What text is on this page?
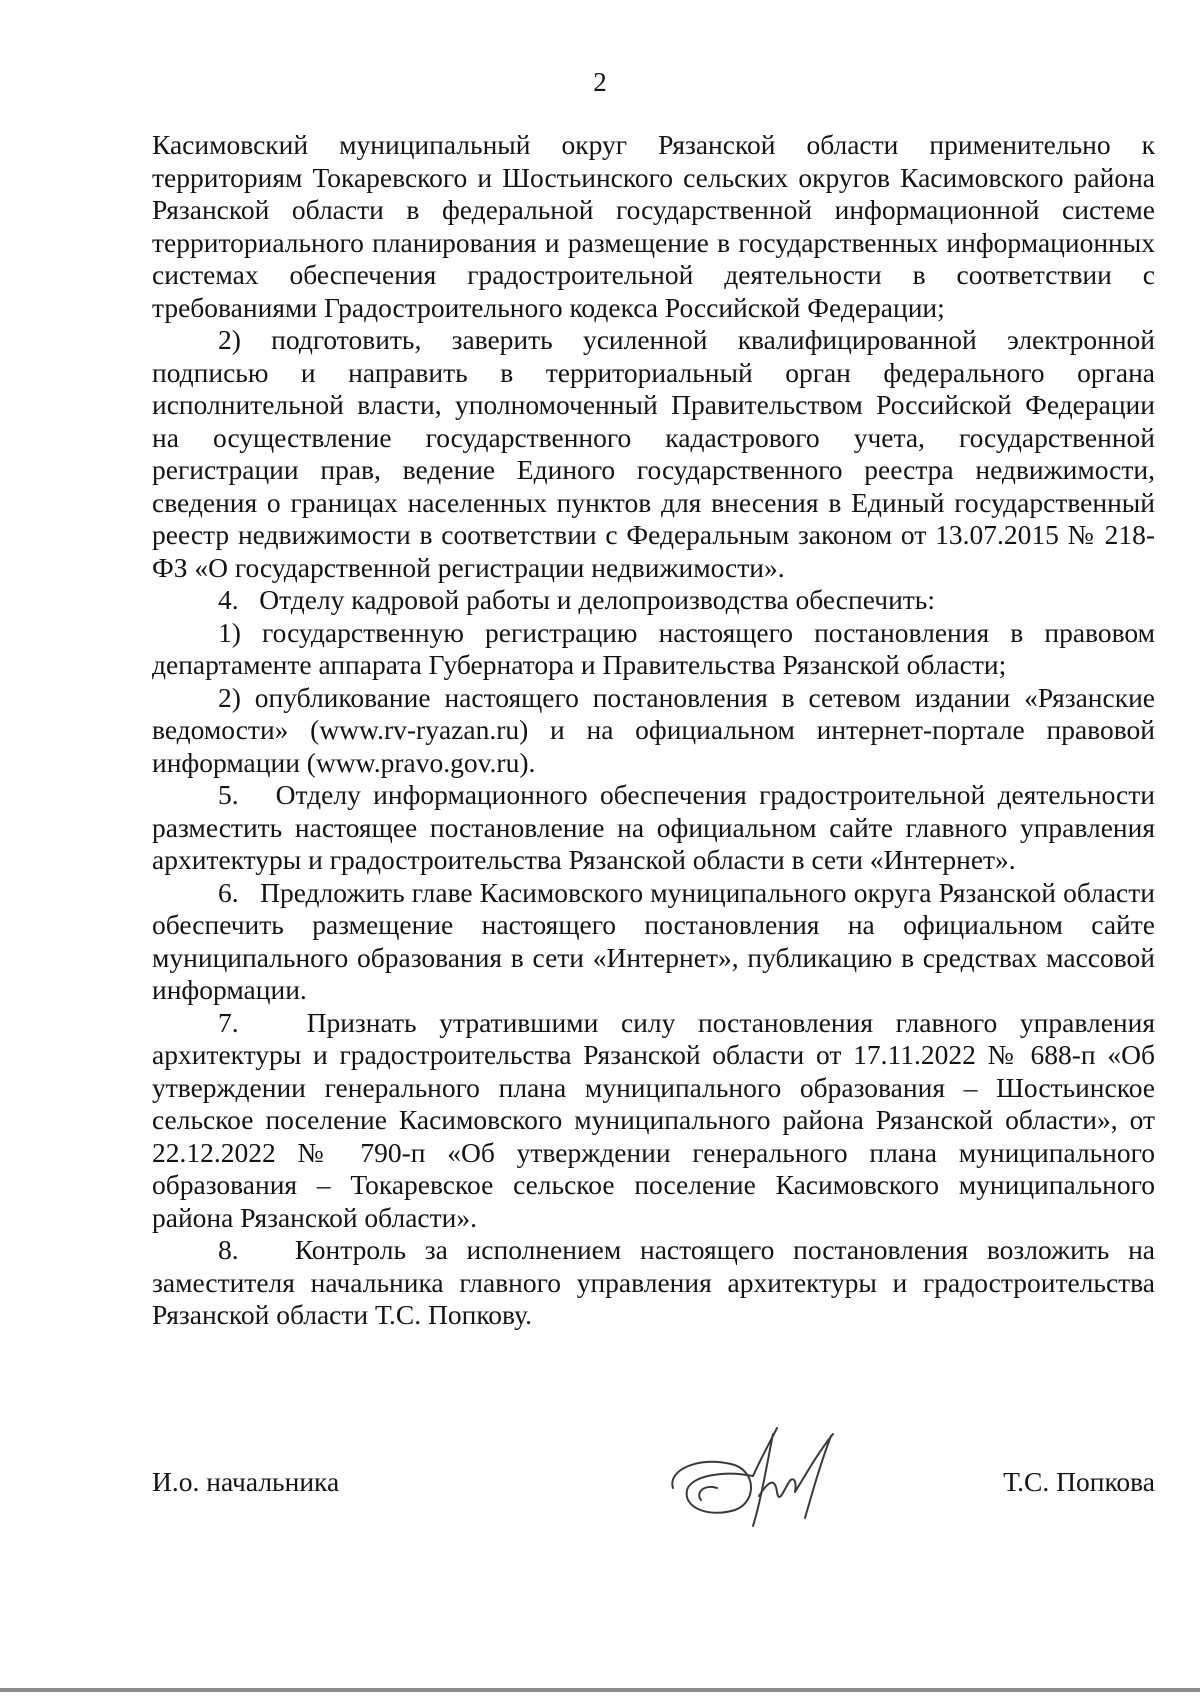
2

Касимовский муниципальный округ Рязанской области применительно к территориям Токаревского и Шостьинского сельских округов Касимовского района Рязанской области в федеральной государственной информационной системе территориального планирования и размещение в государственных информационных системах обеспечения градостроительной деятельности в соответствии с требованиями Градостроительного кодекса Российской Федерации;

2) подготовить, заверить усиленной квалифицированной электронной подписью и направить в территориальный орган федерального органа исполнительной власти, уполномоченный Правительством Российской Федерации на осуществление государственного кадастрового учета, государственной регистрации прав, ведение Единого государственного реестра недвижимости, сведения о границах населенных пунктов для внесения в Единый государственный реестр недвижимости в соответствии с Федеральным законом от 13.07.2015 № 218-ФЗ «О государственной регистрации недвижимости».

4.   Отделу кадровой работы и делопроизводства обеспечить:

1) государственную регистрацию настоящего постановления в правовом департаменте аппарата Губернатора и Правительства Рязанской области;

2) опубликование настоящего постановления в сетевом издании «Рязанские ведомости» (www.rv-ryazan.ru) и на официальном интернет-портале правовой информации (www.pravo.gov.ru).

5.   Отделу информационного обеспечения градостроительной деятельности разместить настоящее постановление на официальном сайте главного управления архитектуры и градостроительства Рязанской области в сети «Интернет».

6.   Предложить главе Касимовского муниципального округа Рязанской области обеспечить размещение настоящего постановления на официальном сайте муниципального образования в сети «Интернет», публикацию в средствах массовой информации.

7.   Признать утратившими силу постановления главного управления архитектуры и градостроительства Рязанской области от 17.11.2022 № 688-п «Об утверждении генерального плана муниципального образования – Шостьинское сельское поселение Касимовского муниципального района Рязанской области», от 22.12.2022 № 790-п «Об утверждении генерального плана муниципального образования – Токаревское сельское поселение Касимовского муниципального района Рязанской области».

8.   Контроль за исполнением настоящего постановления возложить на заместителя начальника главного управления архитектуры и градостроительства Рязанской области Т.С. Попкову.

И.о. начальника	Т.С. Попкова
